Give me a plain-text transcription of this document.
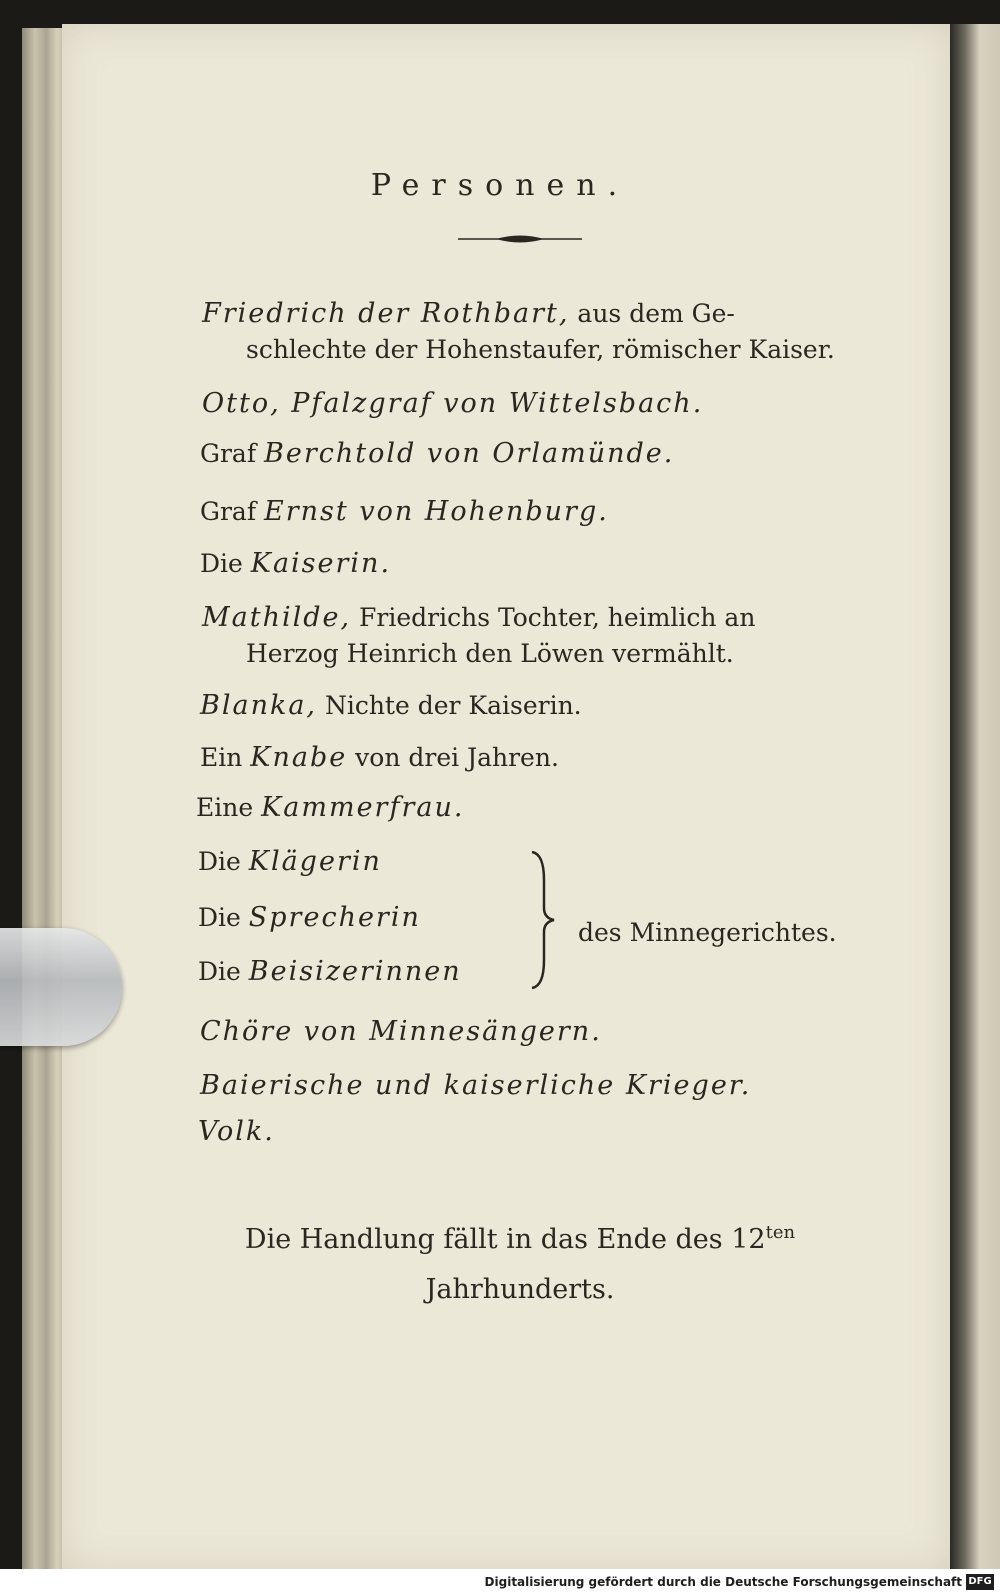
Personen.
Friedrich der Rothbart, aus dem Ge-
schlechte der Hohenstaufer, römischer Kaiser.
Otto, Pfalzgraf von Wittelsbach.
Graf Berchtold von Orlamünde.
Graf Ernst von Hohenburg.
Die Kaiserin.
Mathilde, Friedrichs Tochter, heimlich an
Herzog Heinrich den Löwen vermählt.
Blanka, Nichte der Kaiserin.
Ein Knabe von drei Jahren.
Eine Kammerfrau.
Die Klägerin
Die Sprecherin
Die Beisizerinnen
des Minnegerichtes.
Chöre von Minnesängern.
Baierische und kaiserliche Krieger.
Volk.
Die Handlung fällt in das Ende des $12^{ten}$
Jahrhunderts.
Digitalisierung gefördert durch die Deutsche Forschungsgemeinschaft DFG
